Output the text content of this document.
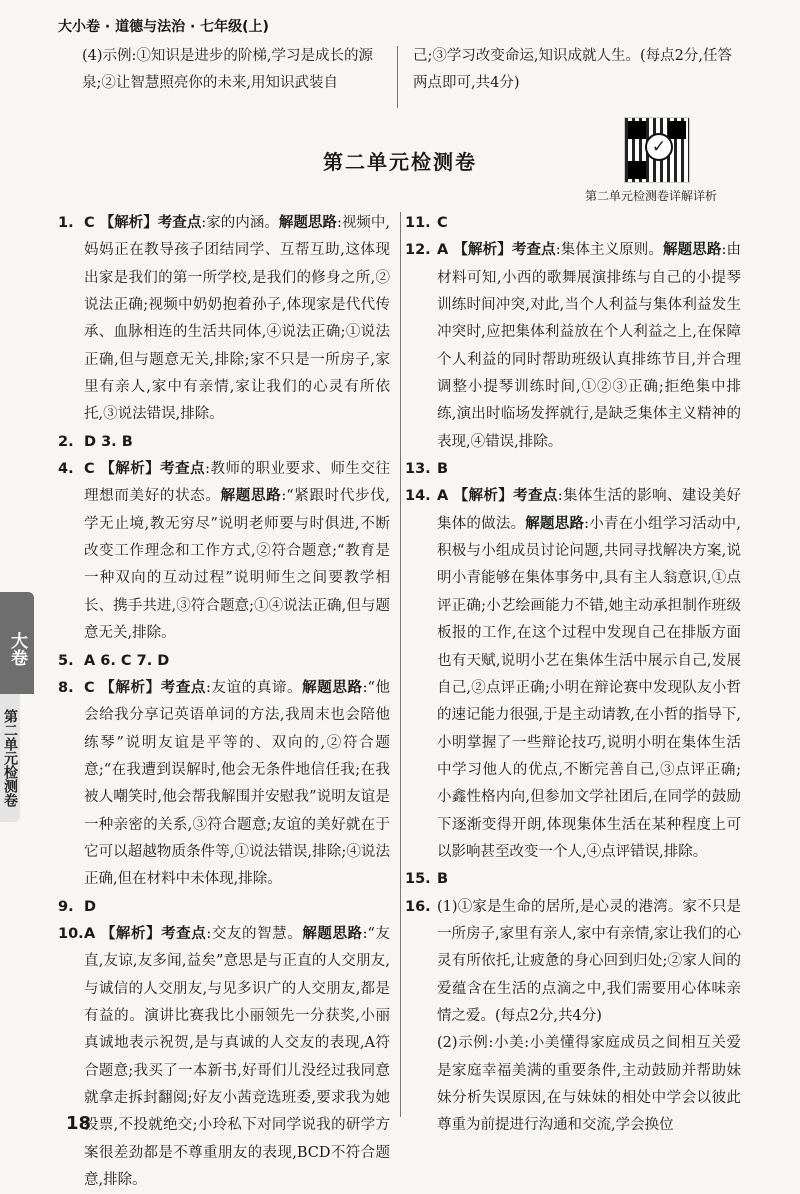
大小卷 · 道德与法治 · 七年级(上)
(4)示例:①知识是进步的阶梯,学习是成长的源泉;②让智慧照亮你的未来,用知识武装自
己;③学习改变命运,知识成就人生。(每点2分,任答两点即可,共4分)
第二单元检测卷
✓
第二单元检测卷详解详析
1. C 【解析】考查点:家的内涵。解题思路:视频中,妈妈正在教导孩子团结同学、互帮互助,这体现出家是我们的第一所学校,是我们的修身之所,②说法正确;视频中奶奶抱着孙子,体现家是代代传承、血脉相连的生活共同体,④说法正确;①说法正确,但与题意无关,排除;家不只是一所房子,家里有亲人,家中有亲情,家让我们的心灵有所依托,③说法错误,排除。
2. D 3. B
4. C 【解析】考查点:教师的职业要求、师生交往理想而美好的状态。解题思路:“紧跟时代步伐,学无止境,教无穷尽”说明老师要与时俱进,不断改变工作理念和工作方式,②符合题意;“教育是一种双向的互动过程”说明师生之间要教学相长、携手共进,③符合题意;①④说法正确,但与题意无关,排除。
5. A 6. C 7. D
8. C 【解析】考查点:友谊的真谛。解题思路:“他会给我分享记英语单词的方法,我周末也会陪他练琴”说明友谊是平等的、双向的,②符合题意;“在我遭到误解时,他会无条件地信任我;在我被人嘲笑时,他会帮我解围并安慰我”说明友谊是一种亲密的关系,③符合题意;友谊的美好就在于它可以超越物质条件等,①说法错误,排除;④说法正确,但在材料中未体现,排除。
9. D
10. A 【解析】考查点:交友的智慧。解题思路:“友直,友谅,友多闻,益矣”意思是与正直的人交朋友,与诚信的人交朋友,与见多识广的人交朋友,都是有益的。演讲比赛我比小丽领先一分获奖,小丽真诚地表示祝贺,是与真诚的人交友的表现,A符合题意;我买了一本新书,好哥们儿没经过我同意就拿走拆封翻阅;好友小茜竞选班委,要求我为她投票,不投就绝交;小玲私下对同学说我的研学方案很差劲都是不尊重朋友的表现,BCD不符合题意,排除。
11. C
12. A 【解析】考查点:集体主义原则。解题思路:由材料可知,小西的歌舞展演排练与自己的小提琴训练时间冲突,对此,当个人利益与集体利益发生冲突时,应把集体利益放在个人利益之上,在保障个人利益的同时帮助班级认真排练节目,并合理调整小提琴训练时间,①②③正确;拒绝集中排练,演出时临场发挥就行,是缺乏集体主义精神的表现,④错误,排除。
13. B
14. A 【解析】考查点:集体生活的影响、建设美好集体的做法。解题思路:小青在小组学习活动中,积极与小组成员讨论问题,共同寻找解决方案,说明小青能够在集体事务中,具有主人翁意识,①点评正确;小艺绘画能力不错,她主动承担制作班级板报的工作,在这个过程中发现自己在排版方面也有天赋,说明小艺在集体生活中展示自己,发展自己,②点评正确;小明在辩论赛中发现队友小哲的速记能力很强,于是主动请教,在小哲的指导下,小明掌握了一些辩论技巧,说明小明在集体生活中学习他人的优点,不断完善自己,③点评正确;小鑫性格内向,但参加文学社团后,在同学的鼓励下逐渐变得开朗,体现集体生活在某种程度上可以影响甚至改变一个人,④点评错误,排除。
15. B
16. (1)①家是生命的居所,是心灵的港湾。家不只是一所房子,家里有亲人,家中有亲情,家让我们的心灵有所依托,让疲惫的身心回到归处;②家人间的爱蕴含在生活的点滴之中,我们需要用心体味亲情之爱。(每点2分,共4分)
(2)示例:小美:小美懂得家庭成员之间相互关爱是家庭幸福美满的重要条件,主动鼓励并帮助妹妹分析失误原因,在与妹妹的相处中学会以彼此尊重为前提进行沟通和交流,学会换位
大卷
第二单元检测卷
18
